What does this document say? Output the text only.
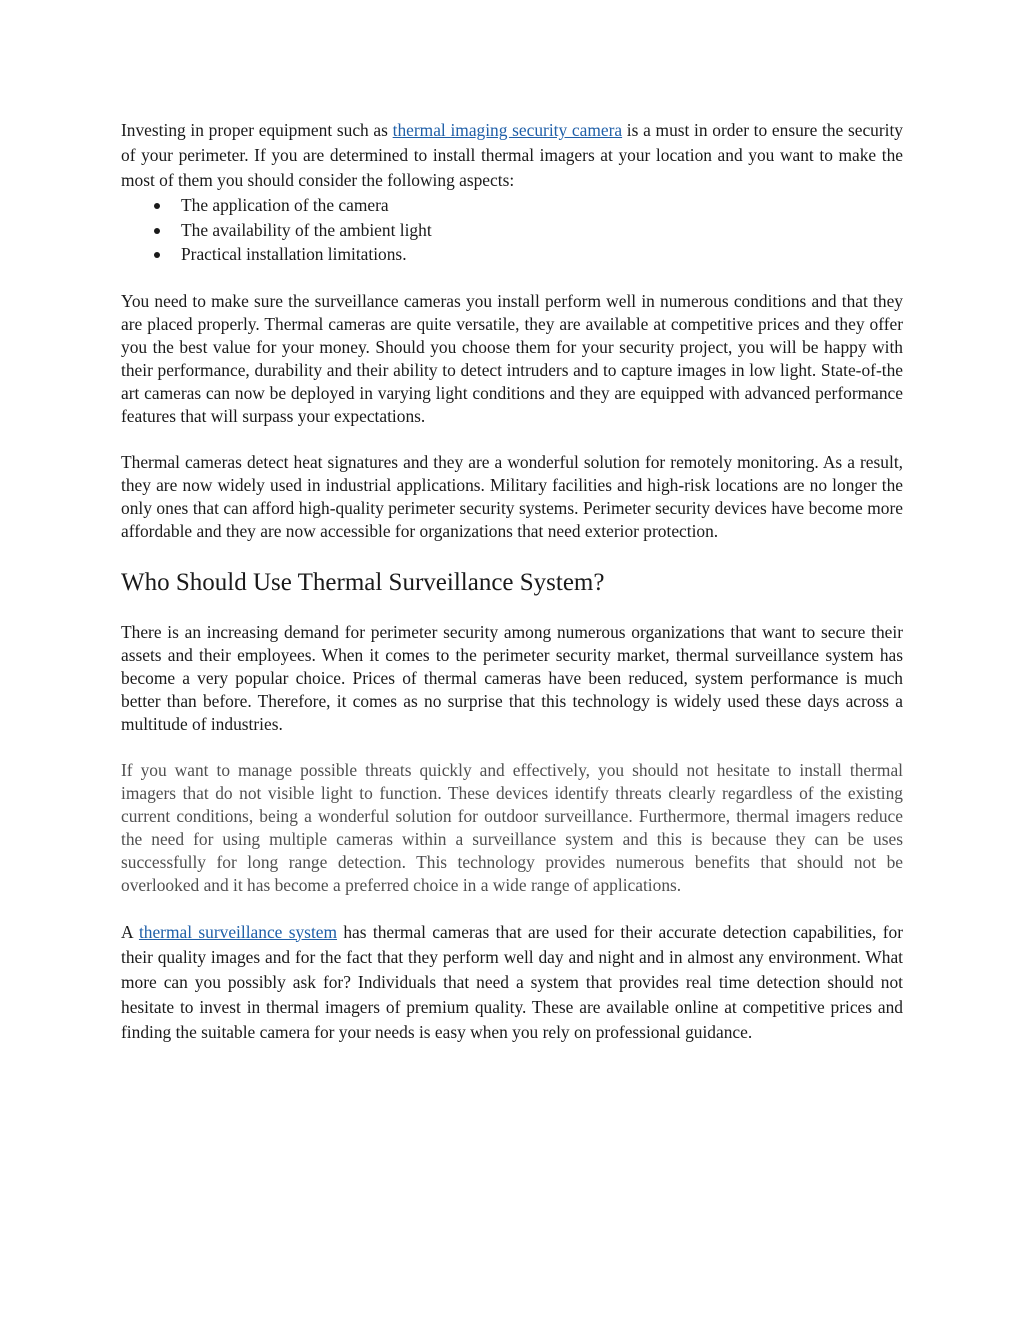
Investing in proper equipment such as thermal imaging security camera is a must in order to ensure the security of your perimeter. If you are determined to install thermal imagers at your location and you want to make the most of them you should consider the following aspects:

The application of the camera
The availability of the ambient light
Practical installation limitations.

You need to make sure the surveillance cameras you install perform well in numerous conditions and that they are placed properly. Thermal cameras are quite versatile, they are available at competitive prices and they offer you the best value for your money. Should you choose them for your security project, you will be happy with their performance, durability and their ability to detect intruders and to capture images in low light. State-of-the art cameras can now be deployed in varying light conditions and they are equipped with advanced performance features that will surpass your expectations.

Thermal cameras detect heat signatures and they are a wonderful solution for remotely monitoring. As a result, they are now widely used in industrial applications. Military facilities and high-risk locations are no longer the only ones that can afford high-quality perimeter security systems. Perimeter security devices have become more affordable and they are now accessible for organizations that need exterior protection.

Who Should Use Thermal Surveillance System?

There is an increasing demand for perimeter security among numerous organizations that want to secure their assets and their employees. When it comes to the perimeter security market, thermal surveillance system has become a very popular choice. Prices of thermal cameras have been reduced, system performance is much better than before. Therefore, it comes as no surprise that this technology is widely used these days across a multitude of industries.

If you want to manage possible threats quickly and effectively, you should not hesitate to install thermal imagers that do not visible light to function. These devices identify threats clearly regardless of the existing current conditions, being a wonderful solution for outdoor surveillance. Furthermore, thermal imagers reduce the need for using multiple cameras within a surveillance system and this is because they can be uses successfully for long range detection. This technology provides numerous benefits that should not be overlooked and it has become a preferred choice in a wide range of applications.

A thermal surveillance system has thermal cameras that are used for their accurate detection capabilities, for their quality images and for the fact that they perform well day and night and in almost any environment. What more can you possibly ask for? Individuals that need a system that provides real time detection should not hesitate to invest in thermal imagers of premium quality. These are available online at competitive prices and finding the suitable camera for your needs is easy when you rely on professional guidance.
